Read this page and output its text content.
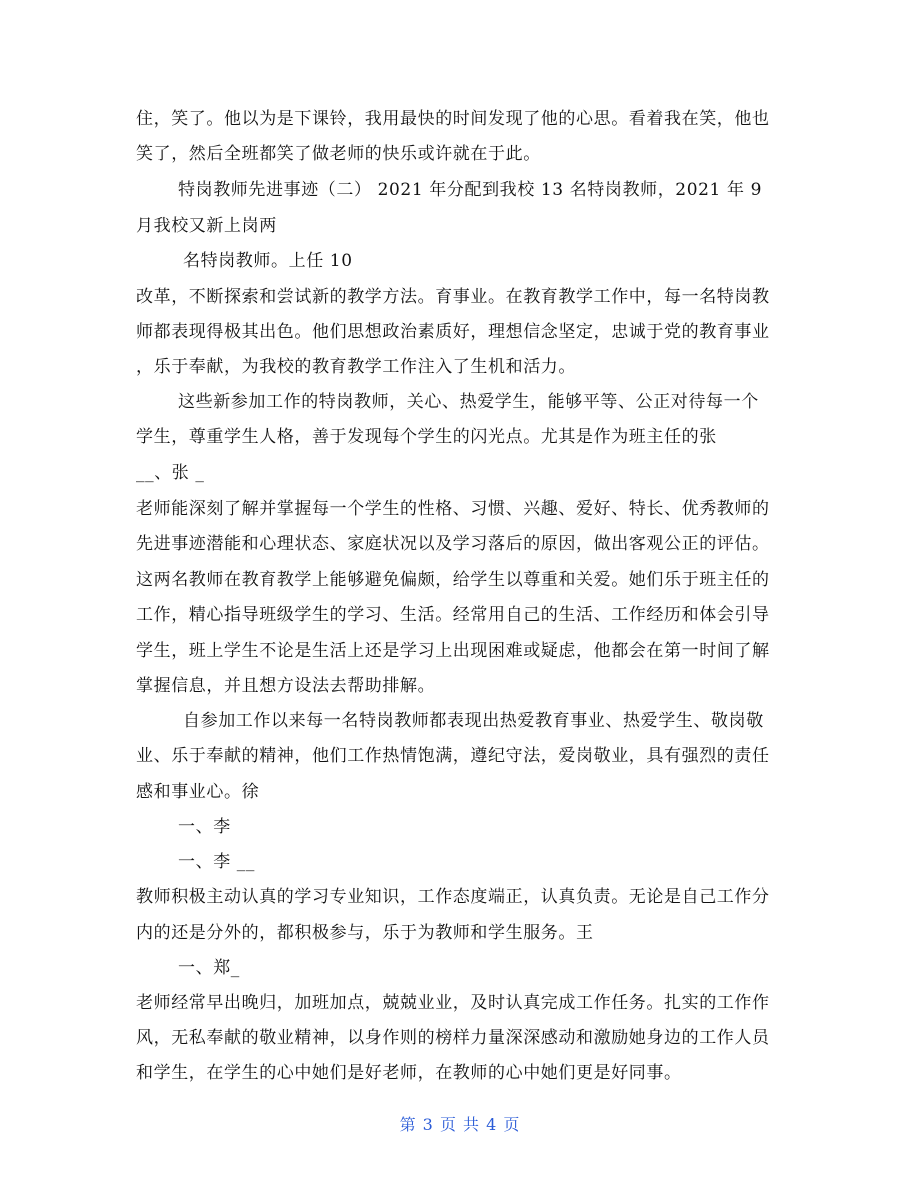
住，笑了。他以为是下课铃，我用最快的时间发现了他的心思。看着我在笑，他也
笑了，然后全班都笑了做老师的快乐或许就在于此。
特岗教师先进事迹（二） 2021 年分配到我校 13 名特岗教师，2021 年 9
月我校又新上岗两
名特岗教师。上任 10
改革，不断探索和尝试新的教学方法。育事业。在教育教学工作中，每一名特岗教
师都表现得极其出色。他们思想政治素质好，理想信念坚定，忠诚于党的教育事业
，乐于奉献，为我校的教育教学工作注入了生机和活力。
这些新参加工作的特岗教师，关心、热爱学生，能够平等、公正对待每一个
学生，尊重学生人格，善于发现每个学生的闪光点。尤其是作为班主任的张
__、张 _
老师能深刻了解并掌握每一个学生的性格、习惯、兴趣、爱好、特长、优秀教师的
先进事迹潜能和心理状态、家庭状况以及学习落后的原因，做出客观公正的评估。
这两名教师在教育教学上能够避免偏颇，给学生以尊重和关爱。她们乐于班主任的
工作，精心指导班级学生的学习、生活。经常用自己的生活、工作经历和体会引导
学生，班上学生不论是生活上还是学习上出现困难或疑虑，他都会在第一时间了解
掌握信息，并且想方设法去帮助排解。
自参加工作以来每一名特岗教师都表现出热爱教育事业、热爱学生、敬岗敬
业、乐于奉献的精神，他们工作热情饱满，遵纪守法，爱岗敬业，具有强烈的责任
感和事业心。徐
一、李
一、李 __
教师积极主动认真的学习专业知识，工作态度端正，认真负责。无论是自己工作分
内的还是分外的，都积极参与，乐于为教师和学生服务。王
一、郑_
老师经常早出晚归，加班加点，兢兢业业，及时认真完成工作任务。扎实的工作作
风，无私奉献的敬业精神，以身作则的榜样力量深深感动和激励她身边的工作人员
和学生，在学生的心中她们是好老师，在教师的心中她们更是好同事。
第 3 页 共 4 页
